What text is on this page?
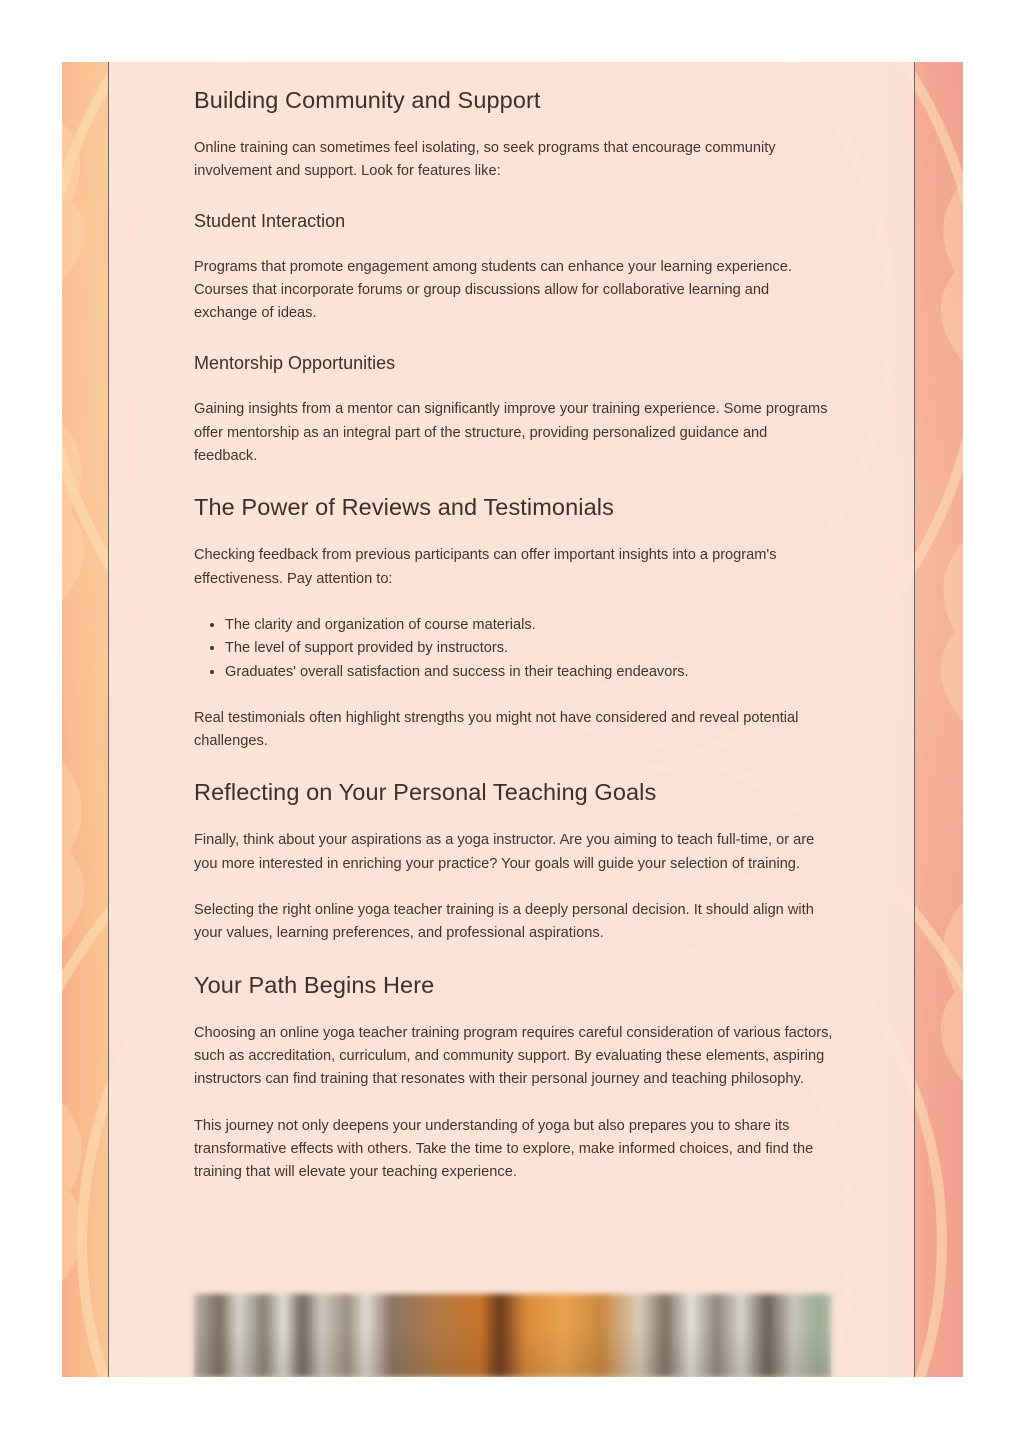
Building Community and Support

Online training can sometimes feel isolating, so seek programs that encourage community involvement and support. Look for features like:

Student Interaction

Programs that promote engagement among students can enhance your learning experience. Courses that incorporate forums or group discussions allow for collaborative learning and exchange of ideas.

Mentorship Opportunities

Gaining insights from a mentor can significantly improve your training experience. Some programs offer mentorship as an integral part of the structure, providing personalized guidance and feedback.

The Power of Reviews and Testimonials

Checking feedback from previous participants can offer important insights into a program's effectiveness. Pay attention to:

• The clarity and organization of course materials.
• The level of support provided by instructors.
• Graduates' overall satisfaction and success in their teaching endeavors.

Real testimonials often highlight strengths you might not have considered and reveal potential challenges.

Reflecting on Your Personal Teaching Goals

Finally, think about your aspirations as a yoga instructor. Are you aiming to teach full-time, or are you more interested in enriching your practice? Your goals will guide your selection of training.

Selecting the right online yoga teacher training is a deeply personal decision. It should align with your values, learning preferences, and professional aspirations.

Your Path Begins Here

Choosing an online yoga teacher training program requires careful consideration of various factors, such as accreditation, curriculum, and community support. By evaluating these elements, aspiring instructors can find training that resonates with their personal journey and teaching philosophy.

This journey not only deepens your understanding of yoga but also prepares you to share its transformative effects with others. Take the time to explore, make informed choices, and find the training that will elevate your teaching experience.
